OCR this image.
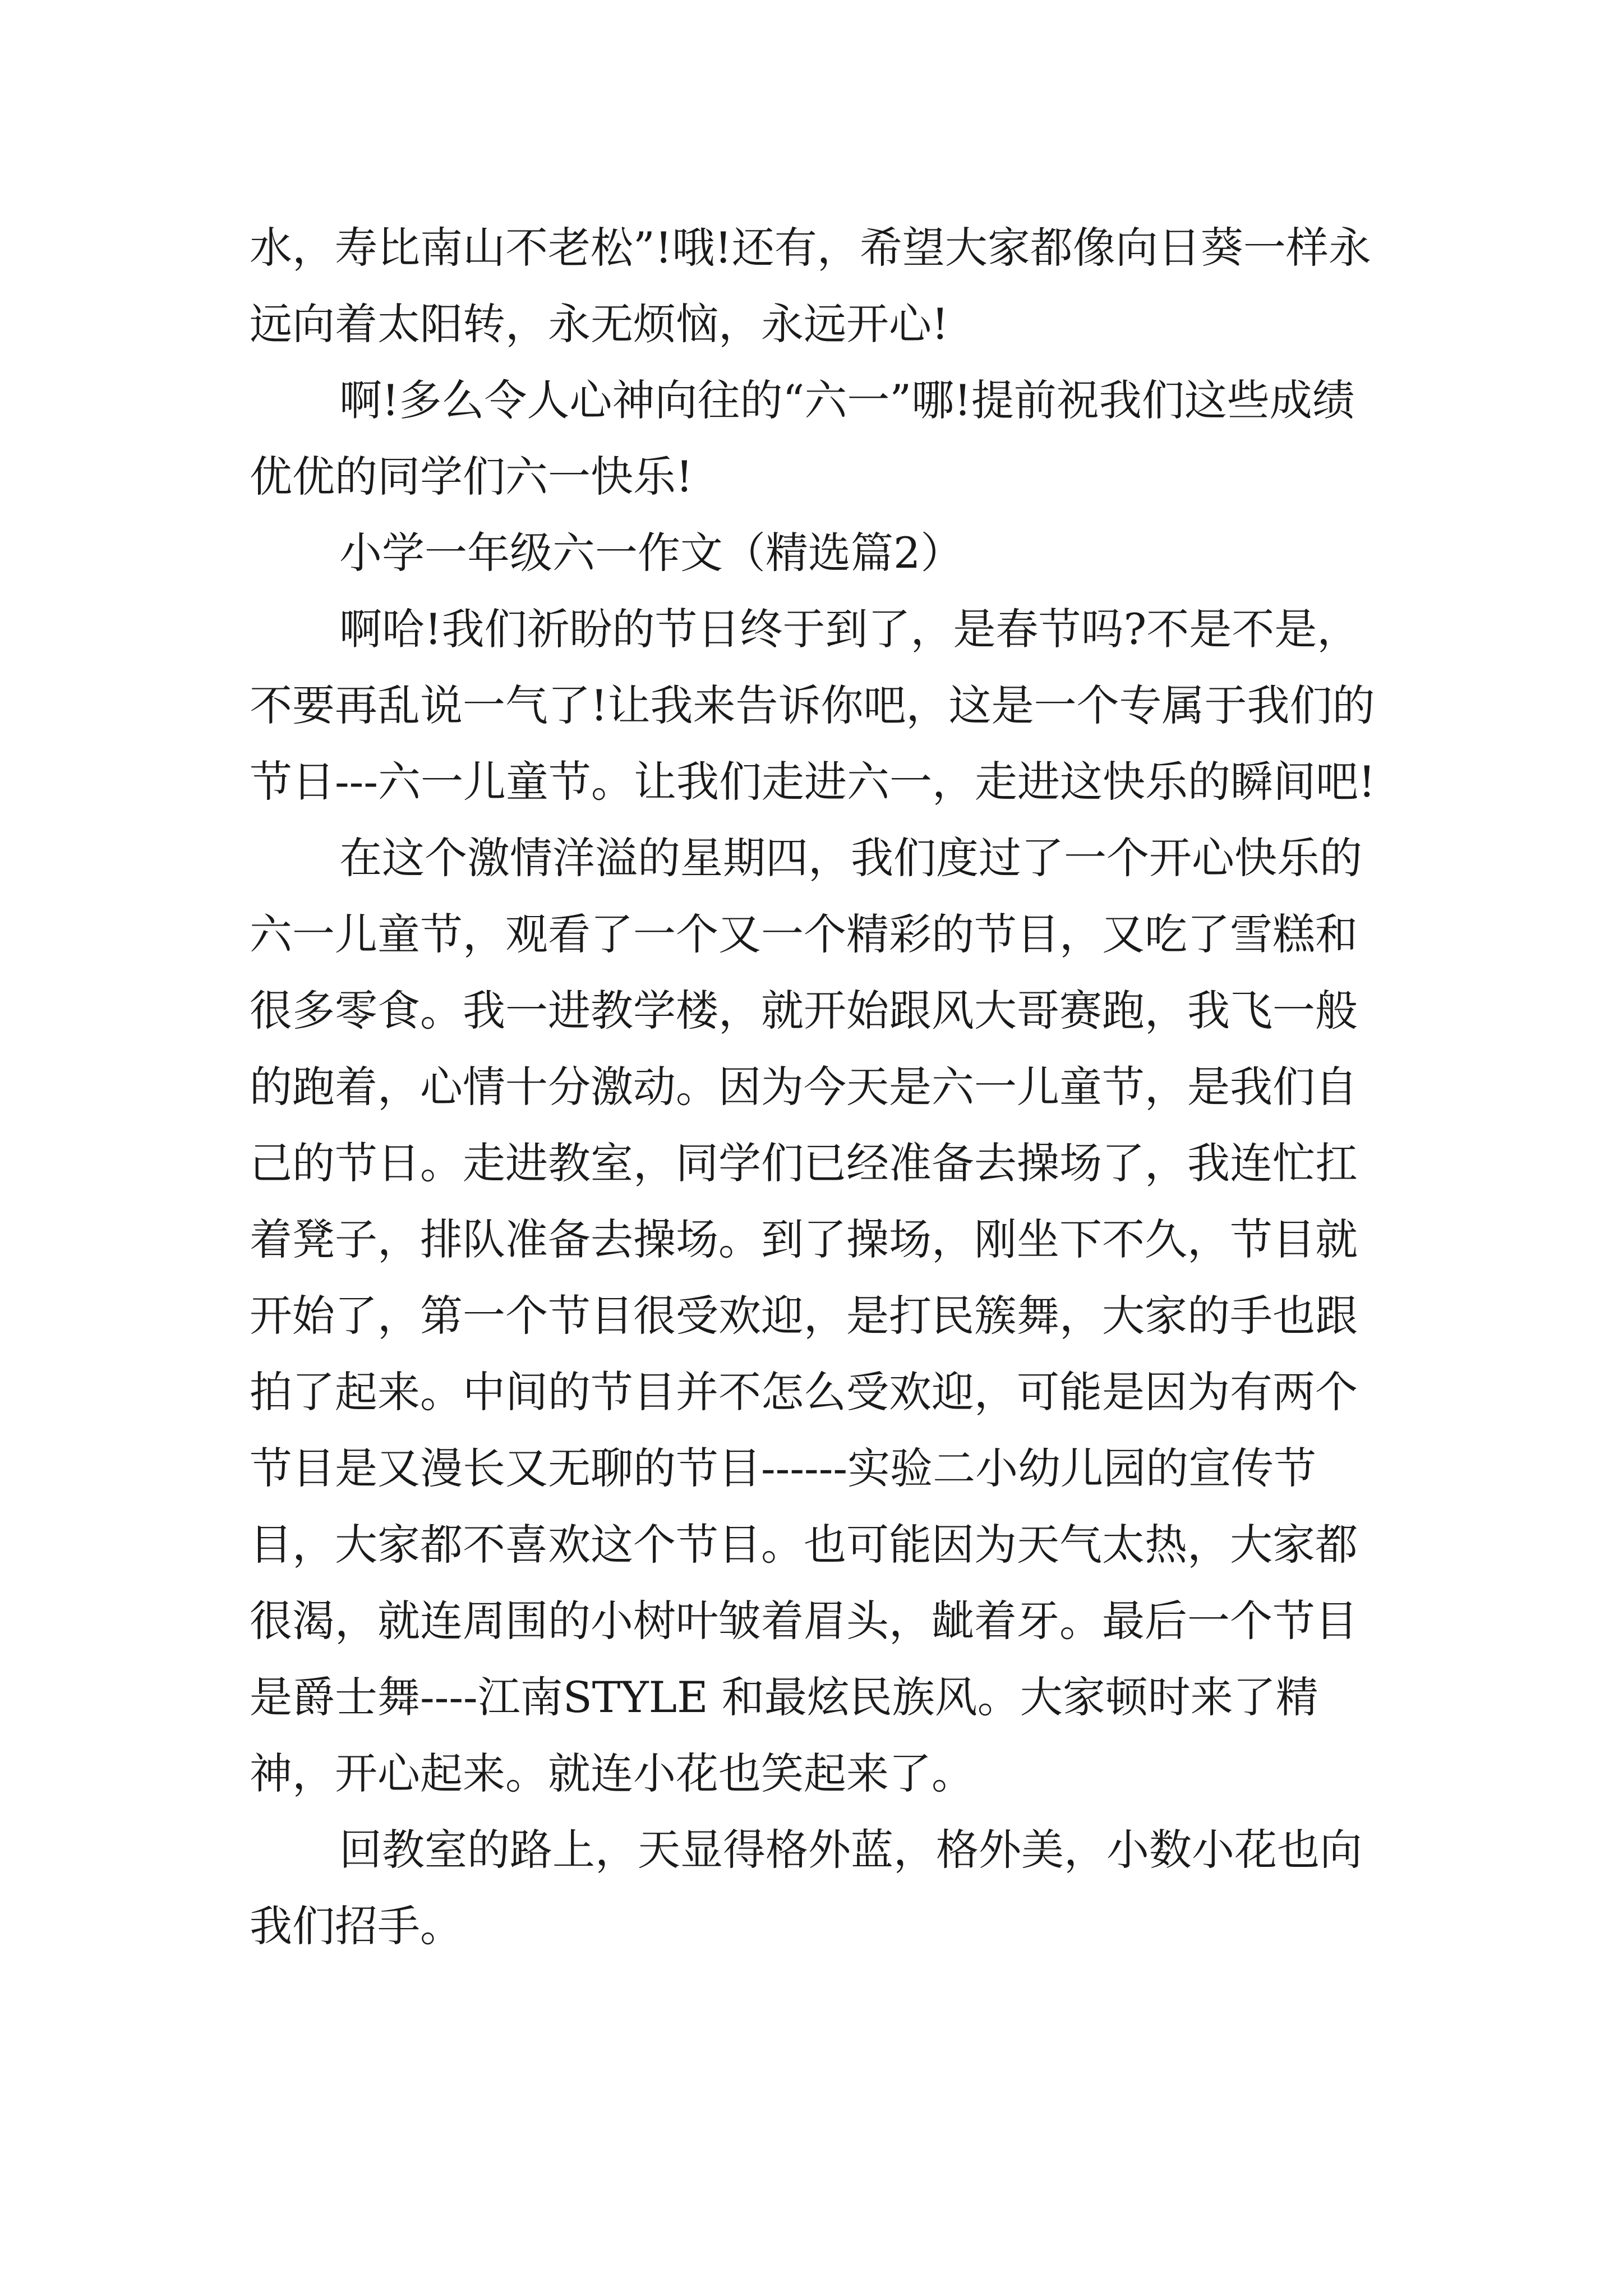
水，寿比南山不老松”!哦!还有，希望大家都像向日葵一样永远向着太阳转，永无烦恼，永远开心!

啊!多么令人心神向往的“六一”哪!提前祝我们这些成绩优优的同学们六一快乐!

小学一年级六一作文（精选篇2）

啊哈!我们祈盼的节日终于到了，是春节吗?不是不是，不要再乱说一气了!让我来告诉你吧，这是一个专属于我们的节日---六一儿童节。让我们走进六一，走进这快乐的瞬间吧!

在这个激情洋溢的星期四，我们度过了一个开心快乐的六一儿童节，观看了一个又一个精彩的节目，又吃了雪糕和很多零食。我一进教学楼，就开始跟风大哥赛跑，我飞一般的跑着，心情十分激动。因为今天是六一儿童节，是我们自己的节日。走进教室，同学们已经准备去操场了，我连忙扛着凳子，排队准备去操场。到了操场，刚坐下不久，节目就开始了，第一个节目很受欢迎，是打民簇舞，大家的手也跟拍了起来。中间的节目并不怎么受欢迎，可能是因为有两个节目是又漫长又无聊的节目------实验二小幼儿园的宣传节目，大家都不喜欢这个节目。也可能因为天气太热，大家都很渴，就连周围的小树叶皱着眉头，龇着牙。最后一个节目是爵士舞----江南STYLE 和最炫民族风。大家顿时来了精神，开心起来。就连小花也笑起来了。

回教室的路上，天显得格外蓝，格外美，小数小花也向我们招手。
